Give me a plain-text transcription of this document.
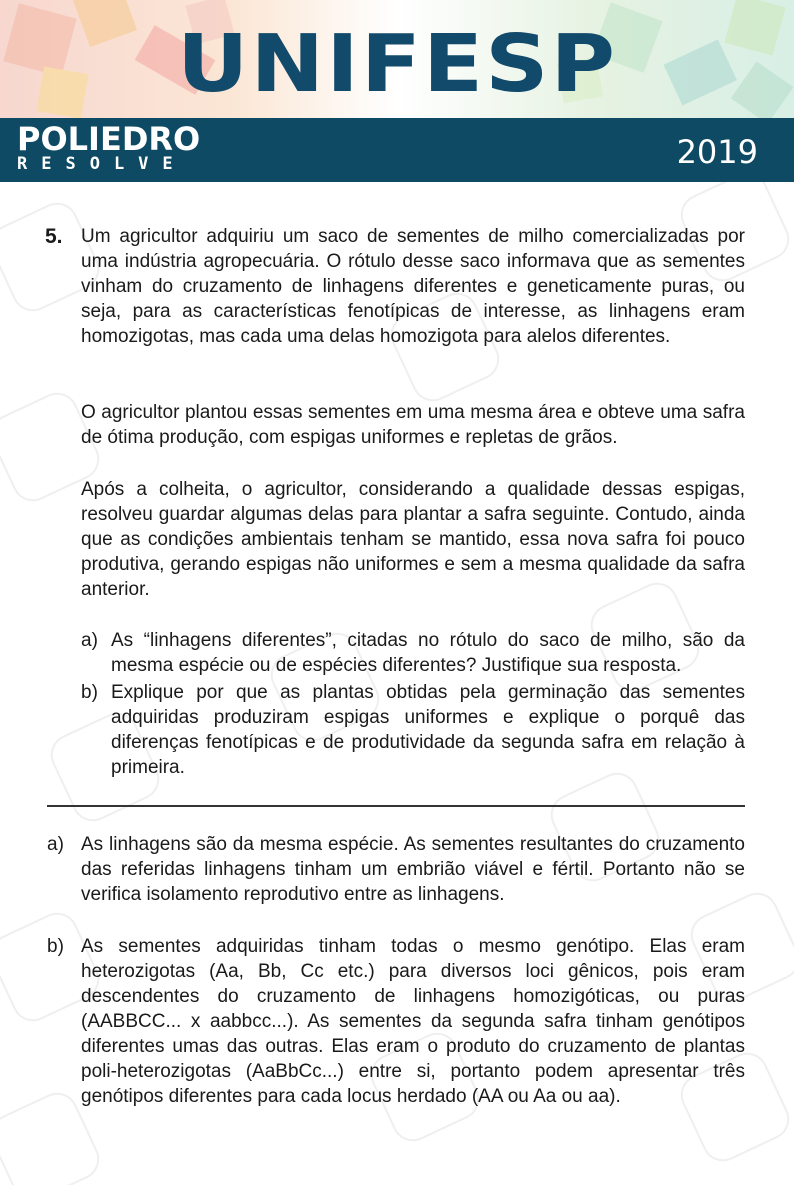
UNIFESP
POLIEDRO
RESOLVE	2019
5. Um agricultor adquiriu um saco de sementes de milho comercializadas por uma indústria agropecuária. O rótulo desse saco informava que as sementes vinham do cruzamento de linhagens diferentes e geneticamente puras, ou seja, para as características fenotípicas de interesse, as linhagens eram homozigotas, mas cada uma delas homozigota para alelos diferentes.
O agricultor plantou essas sementes em uma mesma área e obteve uma safra de ótima produção, com espigas uniformes e repletas de grãos.
Após a colheita, o agricultor, considerando a qualidade dessas espigas, resolveu guardar algumas delas para plantar a safra seguinte. Contudo, ainda que as condições ambientais tenham se mantido, essa nova safra foi pouco produtiva, gerando espigas não uniformes e sem a mesma qualidade da safra anterior.
a) As “linhagens diferentes”, citadas no rótulo do saco de milho, são da mesma espécie ou de espécies diferentes? Justifique sua resposta.
b) Explique por que as plantas obtidas pela germinação das sementes adquiridas produziram espigas uniformes e explique o porquê das diferenças fenotípicas e de produtividade da segunda safra em relação à primeira.
a) As linhagens são da mesma espécie. As sementes resultantes do cruzamento das referidas linhagens tinham um embrião viável e fértil. Portanto não se verifica isolamento reprodutivo entre as linhagens.
b) As sementes adquiridas tinham todas o mesmo genótipo. Elas eram heterozigotas (Aa, Bb, Cc etc.) para diversos loci gênicos, pois eram descendentes do cruzamento de linhagens homozigóticas, ou puras (AABBCC... x aabbcc...). As sementes da segunda safra tinham genótipos diferentes umas das outras. Elas eram o produto do cruzamento de plantas poli-heterozigotas (AaBbCc...) entre si, portanto podem apresentar três genótipos diferentes para cada locus herdado (AA ou Aa ou aa).
